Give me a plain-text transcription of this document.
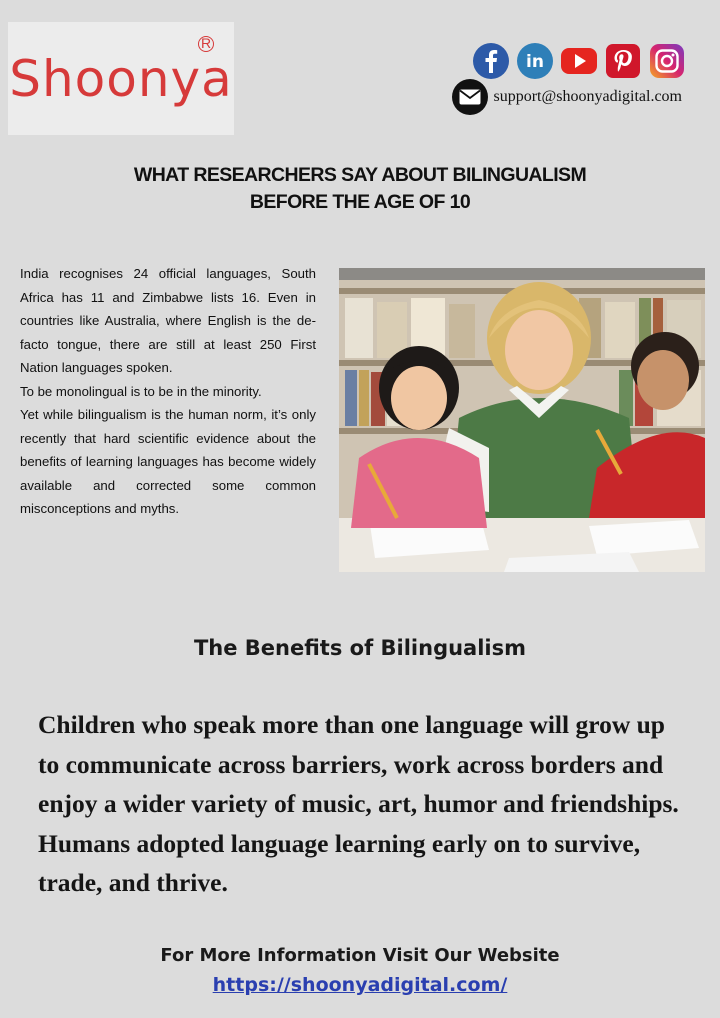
Shoonya
R
in
support@shoonyadigital.com
WHAT RESEARCHERS SAY ABOUT BILINGUALISM
BEFORE THE AGE OF 10

India recognises 24 official languages, South Africa has 11 and Zimbabwe lists 16. Even in countries like Australia, where English is the de-facto tongue, there are still at least 250 First Nation languages spoken.

To be monolingual is to be in the minority.

Yet while bilingualism is the human norm, it’s only recently that hard scientific evidence about the benefits of learning languages has become widely available and corrected some common misconceptions and myths.

The Benefits of Bilingualism
Children who speak more than one language will grow up to communicate across barriers, work across borders and enjoy a wider variety of music, art, humor and friendships. Humans adopted language learning early on to survive, trade, and thrive.
For More Information Visit Our Website
https://shoonyadigital.com/
